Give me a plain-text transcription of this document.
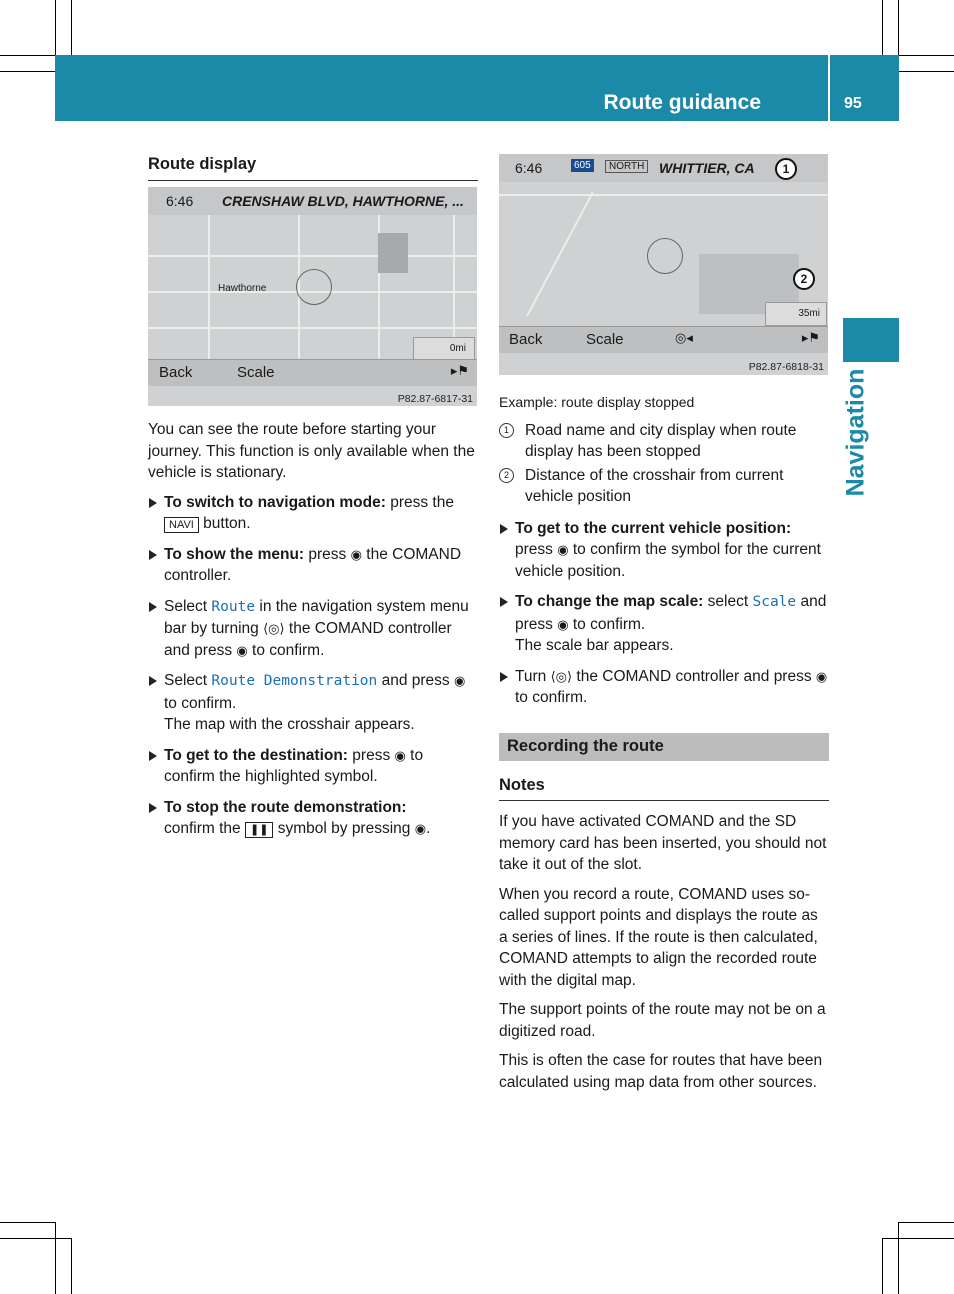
Route guidance	95
Navigation
Route display
6:46 CRENSHAW BLVD, HAWTHORNE, ...
Hawthorne
0mi
Back	Scale	▸⚑
P82.87-6817-31

You can see the route before starting your journey. This function is only available when the vehicle is stationary.

To switch to navigation mode: press the NAVI button.
To show the menu: press ◉ the COMAND controller.
Select Route in the navigation system menu bar by turning ⟨◎⟩ the COMAND controller and press ◉ to confirm.
Select Route Demonstration and press ◉ to confirm.
The map with the crosshair appears.
To get to the destination: press ◉ to confirm the highlighted symbol.
To stop the route demonstration:
confirm the ❚❚ symbol by pressing ◉.
6:46	605	NORTH WHITTIER, CA	1
2
35mi
Back	Scale	◎◂	▸⚑
P82.87-6818-31
Example: route display stopped
1	Road name and city display when route display has been stopped
2	Distance of the crosshair from current vehicle position
To get to the current vehicle position:
press ◉ to confirm the symbol for the current vehicle position.
To change the map scale: select Scale and press ◉ to confirm.
The scale bar appears.
Turn ⟨◎⟩ the COMAND controller and press ◉ to confirm.
Recording the route
Notes

If you have activated COMAND and the SD memory card has been inserted, you should not take it out of the slot.

When you record a route, COMAND uses so-called support points and displays the route as a series of lines. If the route is then calculated, COMAND attempts to align the recorded route with the digital map.

The support points of the route may not be on a digitized road.

This is often the case for routes that have been calculated using map data from other sources.
